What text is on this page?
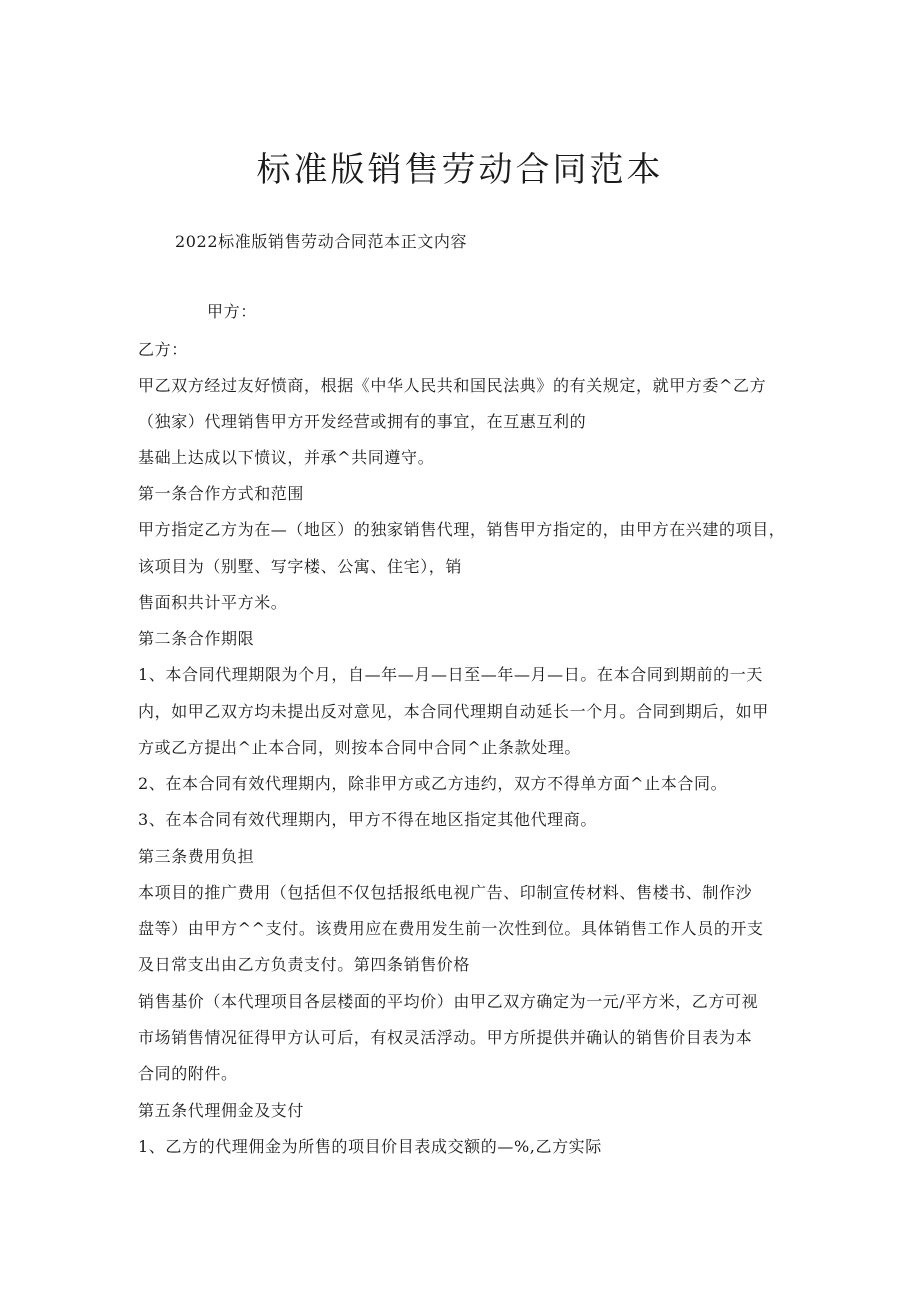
标准版销售劳动合同范本
2022标准版销售劳动合同范本正文内容
甲方：
乙方：
甲乙双方经过友好愤商，根据《中华人民共和国民法典》的有关规定，就甲方委^乙方
（独家）代理销售甲方开发经营或拥有的事宜，在互惠互利的
基础上达成以下愤议，并承^共同遵守。
第一条合作方式和范围
甲方指定乙方为在—（地区）的独家销售代理，销售甲方指定的，由甲方在兴建的项目，
该项目为（别墅、写字楼、公寓、住宅），销
售面积共计平方米。
第二条合作期限
1、本合同代理期限为个月，自—年—月—日至—年—月—日。在本合同到期前的一天
内，如甲乙双方均未提出反对意见，本合同代理期自动延长一个月。合同到期后，如甲
方或乙方提出^止本合同，则按本合同中合同^止条款处理。
2、在本合同有效代理期内，除非甲方或乙方违约，双方不得单方面^止本合同。
3、在本合同有效代理期内，甲方不得在地区指定其他代理商。
第三条费用负担
本项目的推广费用（包括但不仅包括报纸电视广告、印制宣传材料、售楼书、制作沙
盘等）由甲方^^支付。该费用应在费用发生前一次性到位。具体销售工作人员的开支
及日常支出由乙方负责支付。第四条销售价格
销售基价（本代理项目各层楼面的平均价）由甲乙双方确定为一元/平方米，乙方可视
市场销售情况征得甲方认可后，有权灵活浮动。甲方所提供并确认的销售价目表为本
合同的附件。
第五条代理佣金及支付
1、乙方的代理佣金为所售的项目价目表成交额的—%,乙方实际
